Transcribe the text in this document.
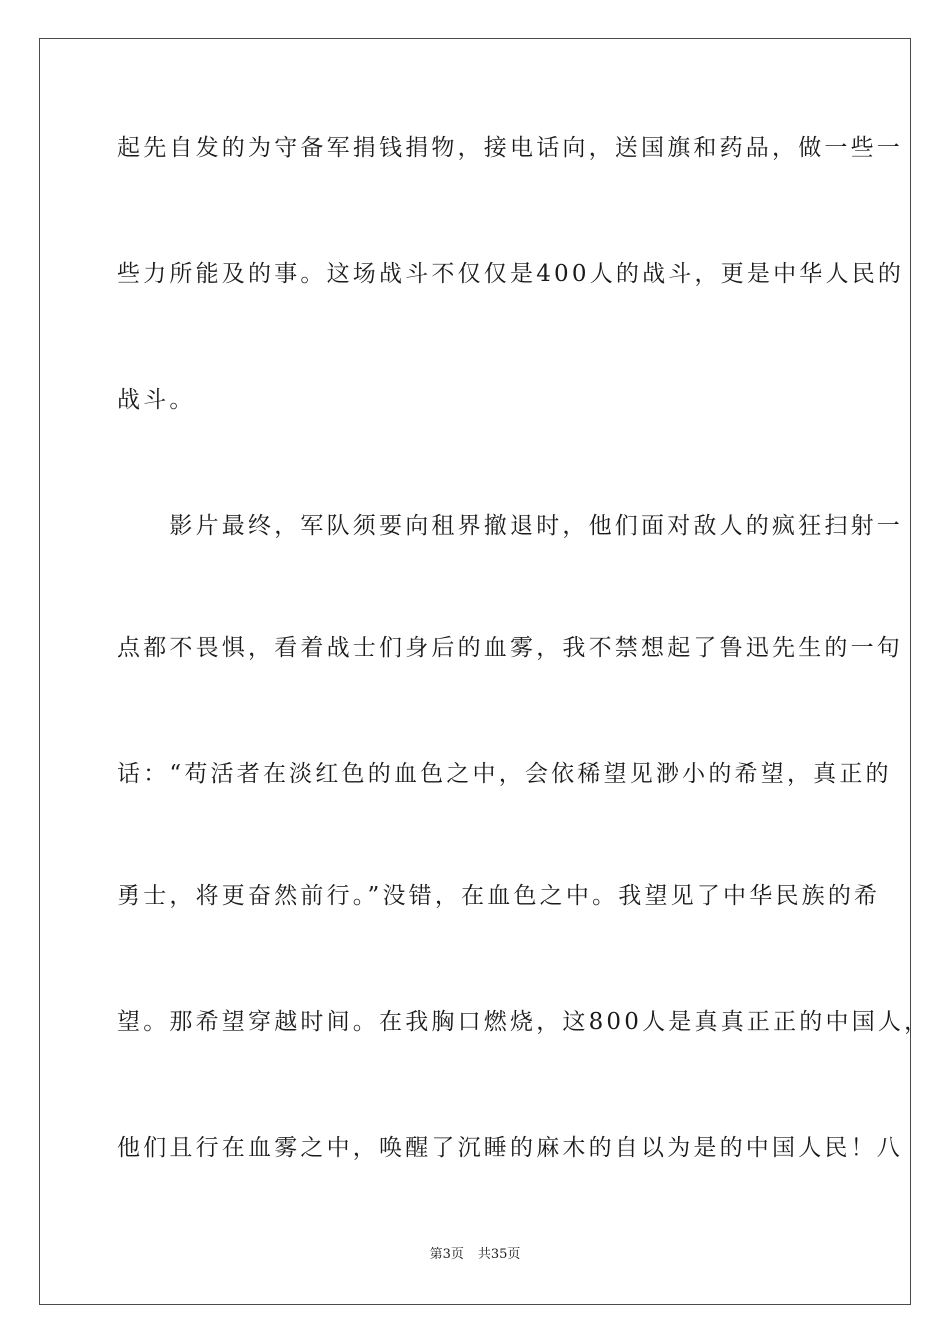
起先自发的为守备军捐钱捐物，接电话向，送国旗和药品，做一些一
些力所能及的事。这场战斗不仅仅是400人的战斗，更是中华人民的
战斗。
　　影片最终，军队须要向租界撤退时，他们面对敌人的疯狂扫射一
点都不畏惧，看着战士们身后的血雾，我不禁想起了鲁迅先生的一句
话：“苟活者在淡红色的血色之中，会依稀望见渺小的希望，真正的
勇士，将更奋然前行。”没错，在血色之中。我望见了中华民族的希
望。那希望穿越时间。在我胸口燃烧，这800人是真真正正的中国人，
他们且行在血雾之中，唤醒了沉睡的麻木的自以为是的中国人民！八
第3页 共35页
